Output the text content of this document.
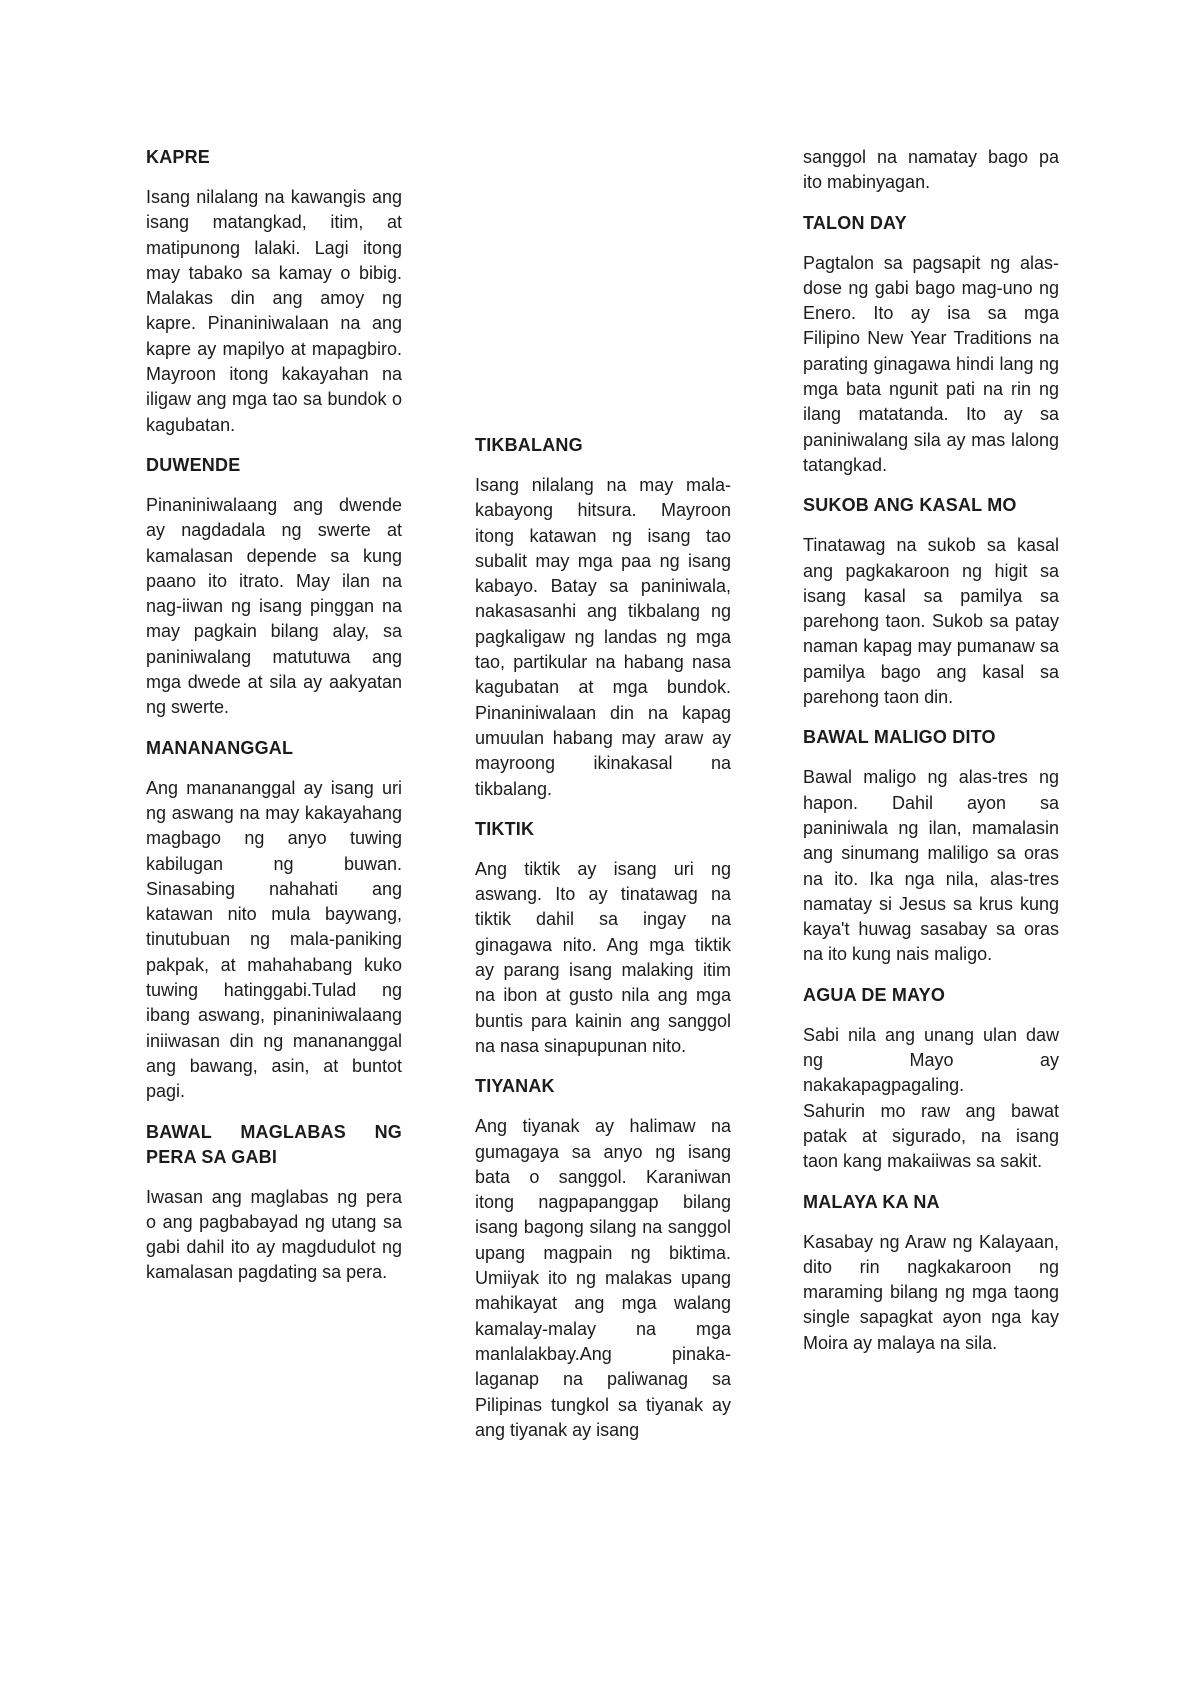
KAPRE

Isang nilalang na kawangis ang isang matangkad, itim, at matipunong lalaki. Lagi itong may tabako sa kamay o bibig. Malakas din ang amoy ng kapre. Pinaniniwalaan na ang kapre ay mapilyo at mapagbiro. Mayroon itong kakayahan na iligaw ang mga tao sa bundok o kagubatan.

DUWENDE

Pinaniniwalaang ang dwende ay nagdadala ng swerte at kamalasan depende sa kung paano ito itrato. May ilan na nag-iiwan ng isang pinggan na may pagkain bilang alay, sa paniniwalang matutuwa ang mga dwede at sila ay aakyatan ng swerte.

MANANANGGAL

Ang manananggal ay isang uri ng aswang na may kakayahang magbago ng anyo tuwing kabilugan ng buwan. Sinasabing nahahati ang katawan nito mula baywang, tinutubuan ng mala-paniking pakpak, at mahahabang kuko tuwing hatinggabi.Tulad ng ibang aswang, pinaniniwalaang iniiwasan din ng manananggal ang bawang, asin, at buntot pagi.

BAWAL MAGLABAS NG PERA SA GABI

Iwasan ang maglabas ng pera o ang pagbabayad ng utang sa gabi dahil ito ay magdudulot ng kamalasan pagdating sa pera.

TIKBALANG

Isang nilalang na may mala-kabayong hitsura. Mayroon itong katawan ng isang tao subalit may mga paa ng isang kabayo. Batay sa paniniwala, nakasasanhi ang tikbalang ng pagkaligaw ng landas ng mga tao, partikular na habang nasa kagubatan at mga bundok. Pinaniniwalaan din na kapag umuulan habang may araw ay mayroong ikinakasal na tikbalang.

TIKTIK

Ang tiktik ay isang uri ng aswang. Ito ay tinatawag na tiktik dahil sa ingay na ginagawa nito. Ang mga tiktik ay parang isang malaking itim na ibon at gusto nila ang mga buntis para kainin ang sanggol na nasa sinapupunan nito.

TIYANAK

Ang tiyanak ay halimaw na gumagaya sa anyo ng isang bata o sanggol. Karaniwan itong nagpapanggap bilang isang bagong silang na sanggol upang magpain ng biktima. Umiiyak ito ng malakas upang mahikayat ang mga walang kamalay-malay na mga manlalakbay.Ang pinaka-laganap na paliwanag sa Pilipinas tungkol sa tiyanak ay ang tiyanak ay isang

sanggol na namatay bago pa ito mabinyagan.

TALON DAY

Pagtalon sa pagsapit ng alas-dose ng gabi bago mag-uno ng Enero. Ito ay isa sa mga Filipino New Year Traditions na parating ginagawa hindi lang ng mga bata ngunit pati na rin ng ilang matatanda. Ito ay sa paniniwalang sila ay mas lalong tatangkad.

SUKOB ANG KASAL MO

Tinatawag na sukob sa kasal ang pagkakaroon ng higit sa isang kasal sa pamilya sa parehong taon. Sukob sa patay naman kapag may pumanaw sa pamilya bago ang kasal sa parehong taon din.

BAWAL MALIGO DITO

Bawal maligo ng alas-tres ng hapon. Dahil ayon sa paniniwala ng ilan, mamalasin ang sinumang maliligo sa oras na ito. Ika nga nila, alas-tres namatay si Jesus sa krus kung kaya't huwag sasabay sa oras na ito kung nais maligo.

AGUA DE MAYO

Sabi nila ang unang ulan daw ng Mayo ay nakakapagpagaling.

Sahurin mo raw ang bawat patak at sigurado, na isang taon kang makaiiwas sa sakit.

MALAYA KA NA

Kasabay ng Araw ng Kalayaan, dito rin nagkakaroon ng maraming bilang ng mga taong single sapagkat ayon nga kay Moira ay malaya na sila.
